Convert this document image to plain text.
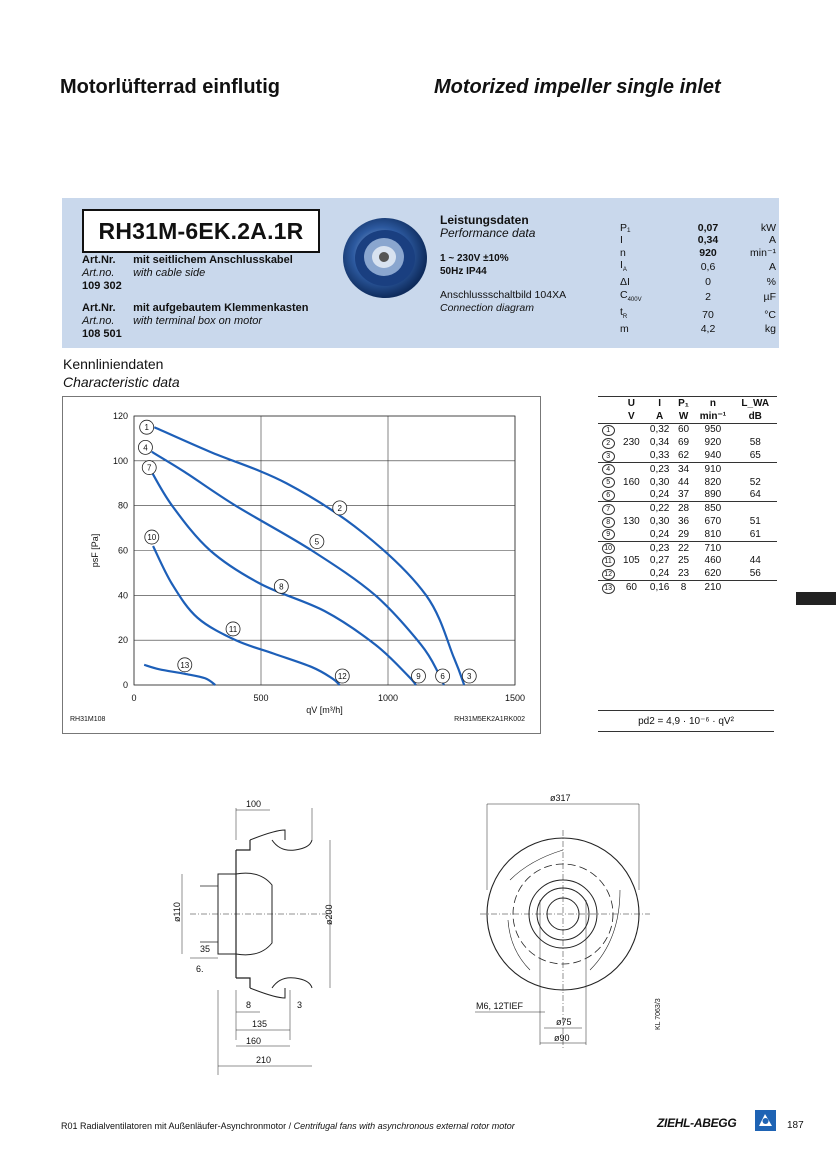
Motorlüfterrad einflutig	Motorized impeller single inlet
RH31M-6EK.2A.1R
Art.Nr. mit seitlichem Anschlusskabel
Art.no. with cable side
109 302
Art.Nr. mit aufgebautem Klemmenkasten
Art.no. with terminal box on motor
108 501
Leistungsdaten
Performance data
1 ~ 230V ±10%
50Hz IP44
Anschlussschaltbild 104XA
Connection diagram
P₁	0,07	kW
I	0,34	A
n	920	min⁻¹
$I_A$	0,6	A
ΔI	0	%
$C_{400V}$	2	µF
$t_R$	70	°C
m	4,2	kg
Kennliniendaten
Characteristic data
0	500	1000	1500
0
20
40
60
80
100
120
qV [m³/h]
psF [Pa]
RH31M108	RH31M5EK2A1RK002
1
2
3
4
5
6
7
8
9
10
11
12
13
	U	I	P₁	n	L_WA
	V	A	W	min⁻¹	dB
1		0,32	60	950	
2	230	0,34	69	920	58
3		0,33	62	940	65
4		0,23	34	910	
5	160	0,30	44	820	52
6		0,24	37	890	64
7		0,22	28	850	
8	130	0,30	36	670	51
9		0,24	29	810	61
10		0,23	22	710	
11	105	0,27	25	460	44
12		0,24	23	620	56
13	60	0,16	8	210	
pd2 = 4,9 · 10⁻⁶ · qV²
100
ø200
ø110
35
6.
8	3
135
160
210
ø317
M6, 12TIEF
ø75
ø90
KL 7063/3
R01 Radialventilatoren mit Außenläufer-Asynchronmotor / Centrifugal fans with asynchronous external rotor motor	ZIEHL-ABEGG	187
